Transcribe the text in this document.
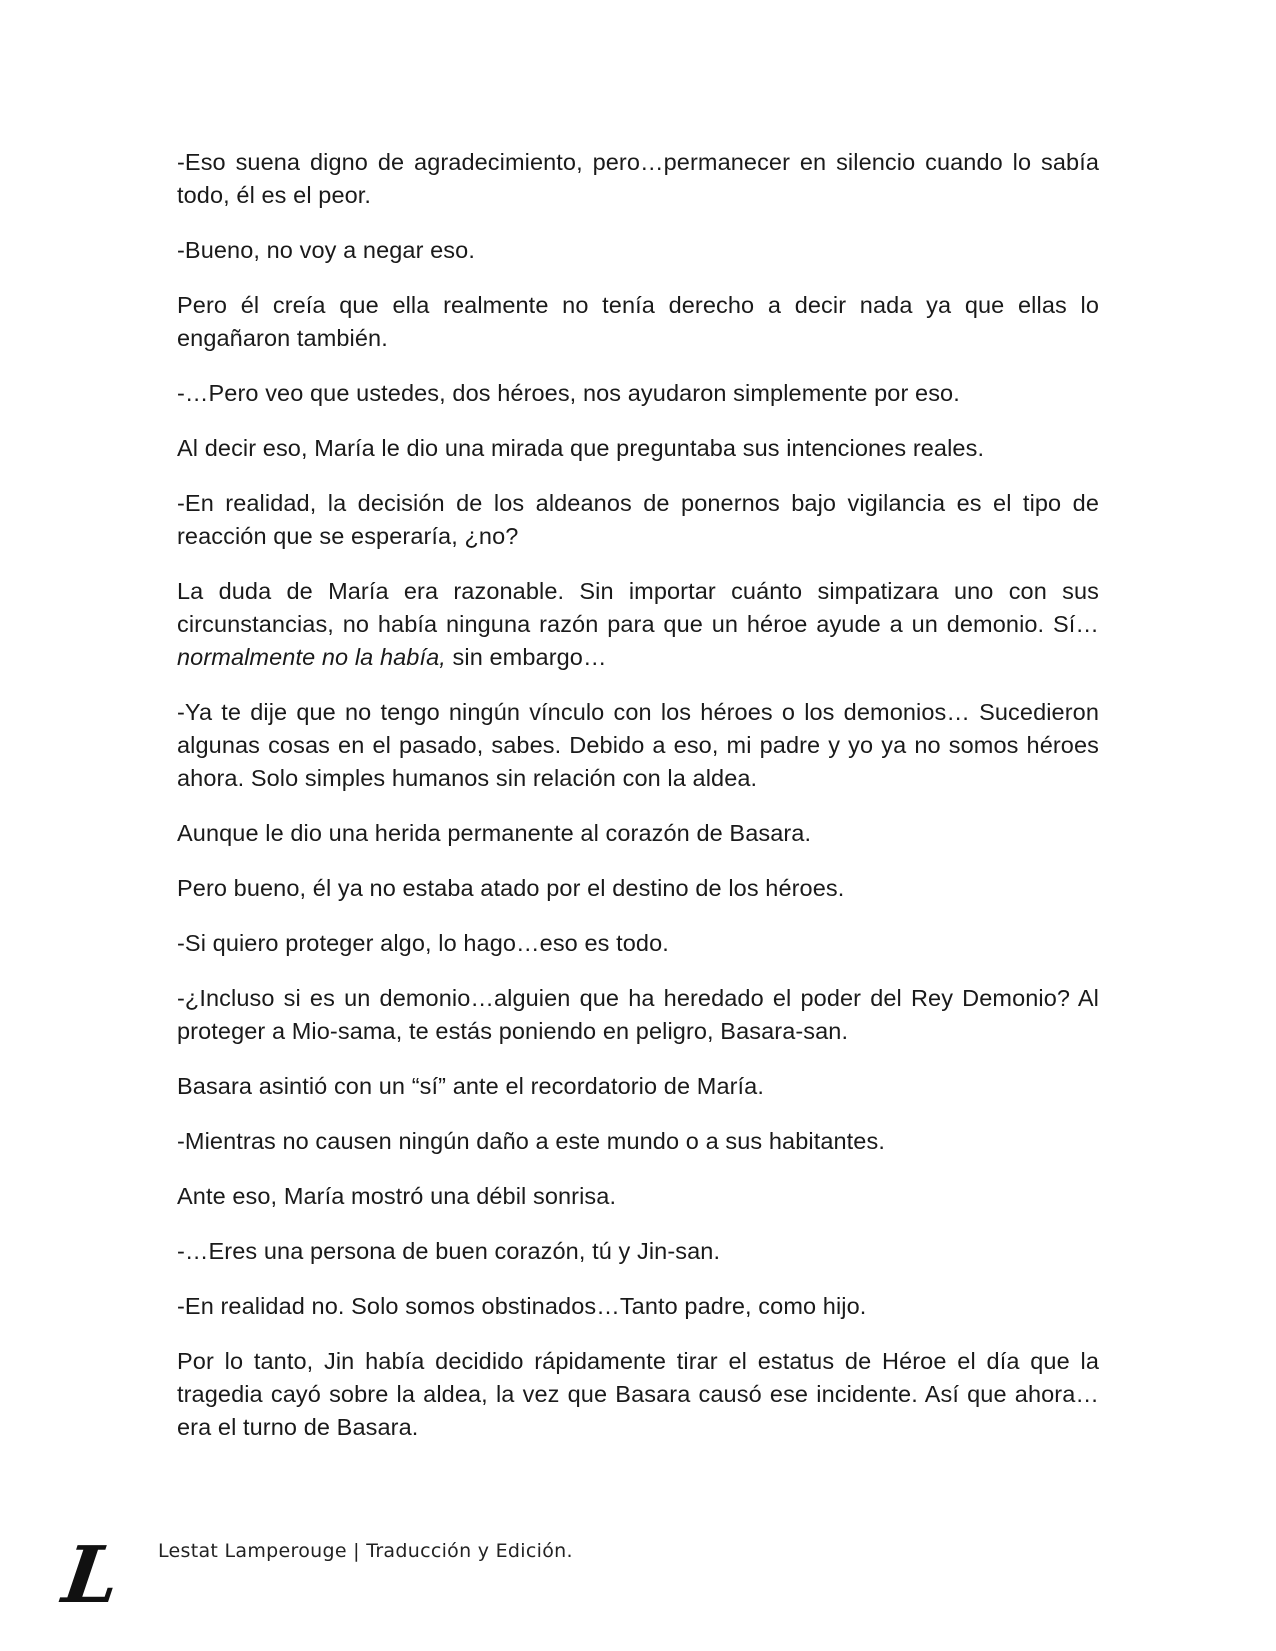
-Eso suena digno de agradecimiento, pero…permanecer en silencio cuando lo sabía todo, él es el peor.

-Bueno, no voy a negar eso.

Pero él creía que ella realmente no tenía derecho a decir nada ya que ellas lo engañaron también.

-…Pero veo que ustedes, dos héroes, nos ayudaron simplemente por eso.

Al decir eso, María le dio una mirada que preguntaba sus intenciones reales.

-En realidad, la decisión de los aldeanos de ponernos bajo vigilancia es el tipo de reacción que se esperaría, ¿no?

La duda de María era razonable. Sin importar cuánto simpatizara uno con sus circunstancias, no había ninguna razón para que un héroe ayude a un demonio. Sí…normalmente no la había, sin embargo…

-Ya te dije que no tengo ningún vínculo con los héroes o los demonios… Sucedieron algunas cosas en el pasado, sabes. Debido a eso, mi padre y yo ya no somos héroes ahora. Solo simples humanos sin relación con la aldea.

Aunque le dio una herida permanente al corazón de Basara.

Pero bueno, él ya no estaba atado por el destino de los héroes.

-Si quiero proteger algo, lo hago…eso es todo.

-¿Incluso si es un demonio…alguien que ha heredado el poder del Rey Demonio? Al proteger a Mio-sama, te estás poniendo en peligro, Basara-san.

Basara asintió con un “sí” ante el recordatorio de María.

-Mientras no causen ningún daño a este mundo o a sus habitantes.

Ante eso, María mostró una débil sonrisa.

-…Eres una persona de buen corazón, tú y Jin-san.

-En realidad no. Solo somos obstinados…Tanto padre, como hijo.

Por lo tanto, Jin había decidido rápidamente tirar el estatus de Héroe el día que la tragedia cayó sobre la aldea, la vez que Basara causó ese incidente. Así que ahora…era el turno de Basara.

L	Lestat Lamperouge | Traducción y Edición.
